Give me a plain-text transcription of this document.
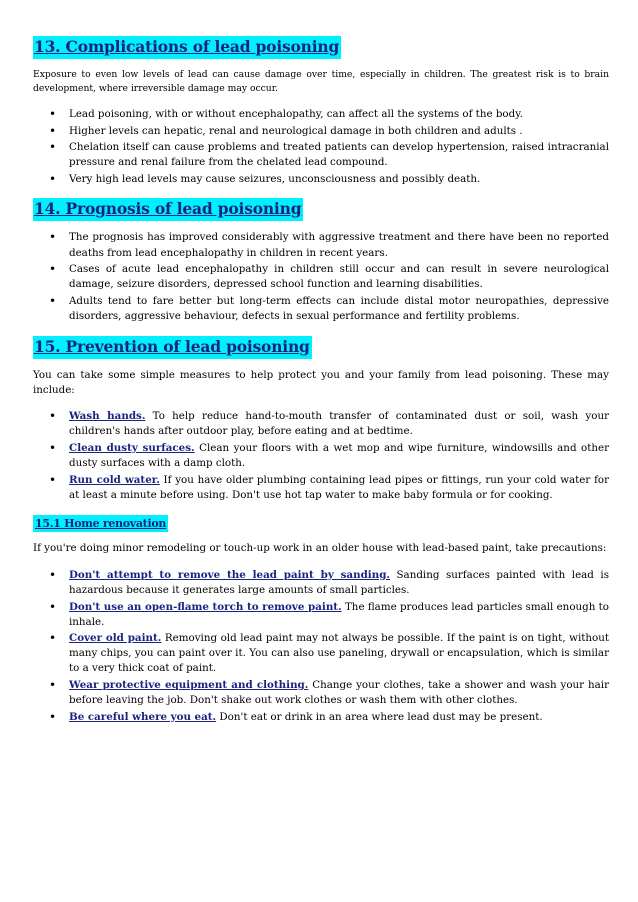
13. Complications of lead poisoning

Exposure to even low levels of lead can cause damage over time, especially in children. The greatest risk is to brain development, where irreversible damage may occur.

• Lead poisoning, with or without encephalopathy, can affect all the systems of the body.
• Higher levels can hepatic, renal and neurological damage in both children and adults .
• Chelation itself can cause problems and treated patients can develop hypertension, raised intracranial pressure and renal failure from the chelated lead compound.
• Very high lead levels may cause seizures, unconsciousness and possibly death.
14. Prognosis of lead poisoning
• The prognosis has improved considerably with aggressive treatment and there have been no reported deaths from lead encephalopathy in children in recent years.
• Cases of acute lead encephalopathy in children still occur and can result in severe neurological damage, seizure disorders, depressed school function and learning disabilities.
• Adults tend to fare better but long-term effects can include distal motor neuropathies, depressive disorders, aggressive behaviour, defects in sexual performance and fertility problems.
15. Prevention of lead poisoning

You can take some simple measures to help protect you and your family from lead poisoning. These may include:

• Wash hands. To help reduce hand-to-mouth transfer of contaminated dust or soil, wash your children's hands after outdoor play, before eating and at bedtime.
• Clean dusty surfaces. Clean your floors with a wet mop and wipe furniture, windowsills and other dusty surfaces with a damp cloth.
• Run cold water. If you have older plumbing containing lead pipes or fittings, run your cold water for at least a minute before using. Don't use hot tap water to make baby formula or for cooking.
15.1 Home renovation

If you're doing minor remodeling or touch-up work in an older house with lead-based paint, take precautions:

• Don't attempt to remove the lead paint by sanding. Sanding surfaces painted with lead is hazardous because it generates large amounts of small particles.
• Don't use an open-flame torch to remove paint. The flame produces lead particles small enough to inhale.
• Cover old paint. Removing old lead paint may not always be possible. If the paint is on tight, without many chips, you can paint over it. You can also use paneling, drywall or encapsulation, which is similar to a very thick coat of paint.
• Wear protective equipment and clothing. Change your clothes, take a shower and wash your hair before leaving the job. Don't shake out work clothes or wash them with other clothes.
• Be careful where you eat. Don't eat or drink in an area where lead dust may be present.
